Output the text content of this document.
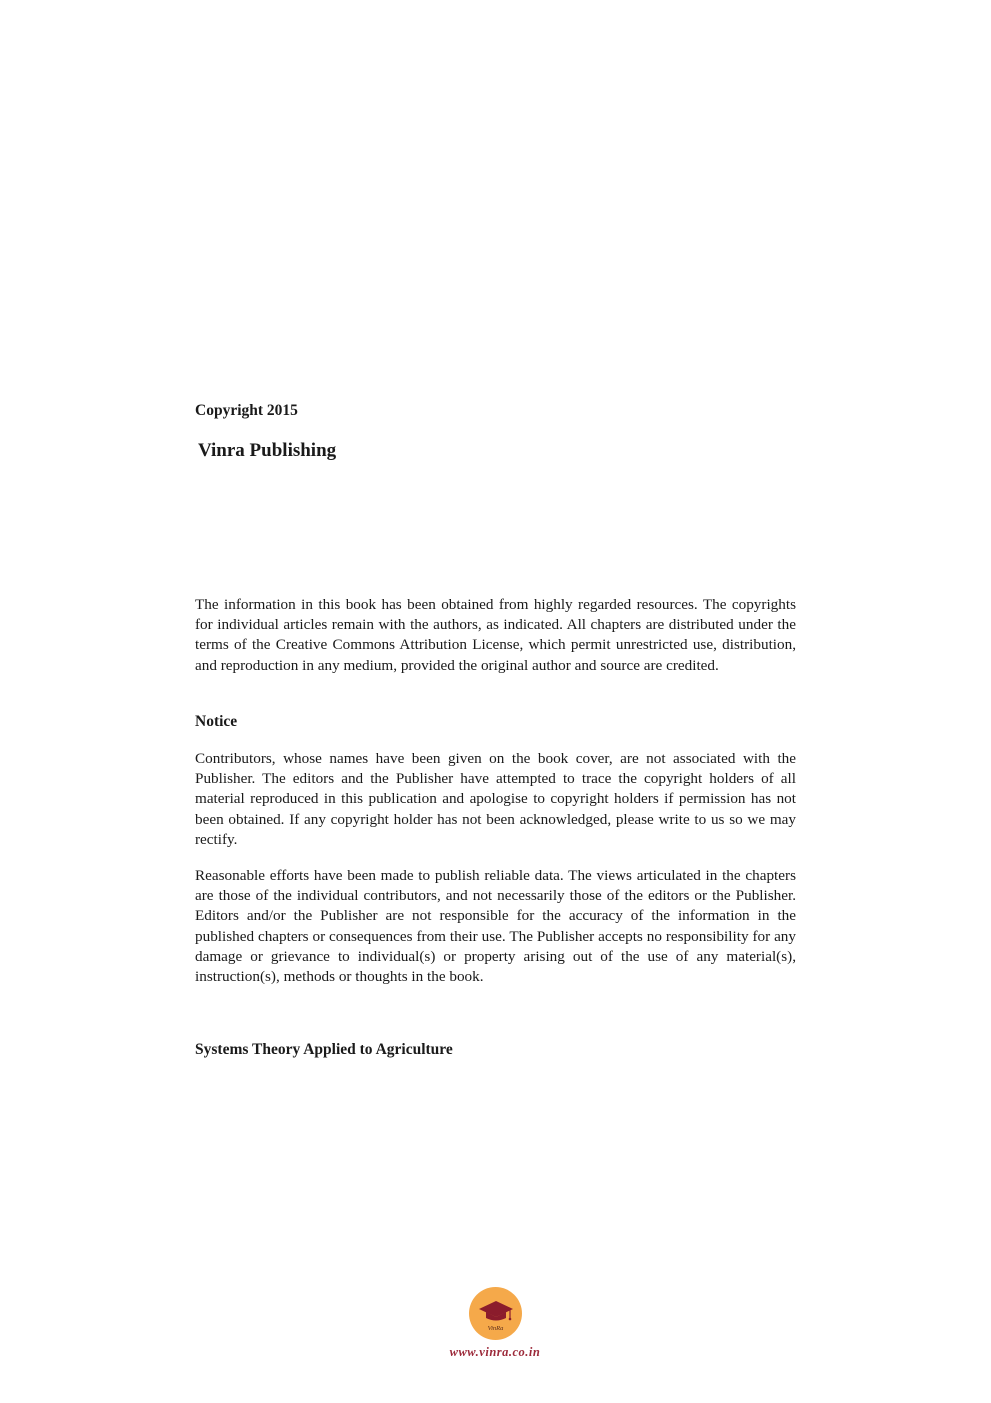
Copyright 2015
Vinra Publishing

The information in this book has been obtained from highly regarded resources. The copyrights for individual articles remain with the authors, as indicated. All chapters are distributed under the terms of the Creative Commons Attribution License, which permit unrestricted use, distribution, and reproduction in any medium, provided the original author and source are credited.

Notice

Contributors, whose names have been given on the book cover, are not associated with the Publisher. The editors and the Publisher have attempted to trace the copyright holders of all material reproduced in this publication and apologise to copyright holders if permission has not been obtained. If any copyright holder has not been acknowledged, please write to us so we may rectify.

Reasonable efforts have been made to publish reliable data. The views articulated in the chapters are those of the individual contributors, and not necessarily those of the editors or the Publisher. Editors and/or the Publisher are not responsible for the accuracy of the information in the published chapters or consequences from their use. The Publisher accepts no responsibility for any damage or grievance to individual(s) or property arising out of the use of any material(s), instruction(s), methods or thoughts in the book.

Systems Theory Applied to Agriculture
VinRa
www.vinra.co.in
